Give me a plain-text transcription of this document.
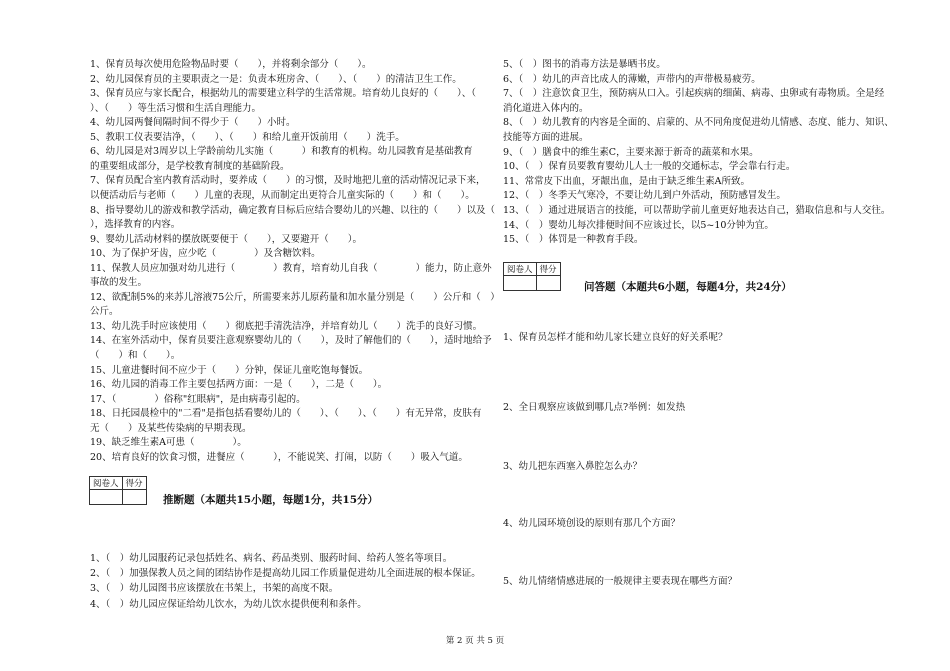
1、保育员每次使用危险物品时要（　　），并将剩余部分（　　）。
2、幼儿园保育员的主要职责之一是：负责本班房舍、（　　）、（　　）的清洁卫生工作。
3、保育员应与家长配合，根据幼儿的需要建立科学的生活常规。培育幼儿良好的（　　）、（
）、（　　）等生活习惯和生活自理能力。
4、幼儿园两餐间隔时间不得少于（　　）小时。
5、教职工仪表要洁净，（　　）、（　　）和给儿童开饭前用（　　）洗手。
6、幼儿园是对3周岁以上学龄前幼儿实施（　　　）和教育的机构。幼儿园教育是基础教育
的重要组成部分，是学校教育制度的基础阶段。
7、保育员配合室内教育活动时，要养成（　　）的习惯，及时地把儿童的活动情况记录下来，
以便活动后与老师（　　）儿童的表现，从而制定出更符合儿童实际的（　　）和（　　）。
8、指导婴幼儿的游戏和教学活动，确定教育目标后应结合婴幼儿的兴趣、以往的（　　）以及（
），选择教育的内容。
9、婴幼儿活动材料的摆放既要便于（　　），又要避开（　　）。
10、为了保护牙齿，应少吃（　　　　）及含糖饮料。
11、保教人员应加强对幼儿进行（　　　　）教育，培育幼儿自我（　　　　）能力，防止意外
事故的发生。
12、欲配制5%的来苏儿溶液75公斤，所需要来苏儿原药量和加水量分别是（　　）公斤和（　）
公斤。
13、幼儿洗手时应该使用（　　）彻底把手清洗洁净，并培育幼儿（　　）洗手的良好习惯。
14、在室外活动中，保育员要注意观察婴幼儿的（　　），及时了解他们的（　　），适时地给予
（　　）和（　　）。
15、儿童进餐时间不应少于（　　）分钟，保证儿童吃饱每餐饭。
16、幼儿园的消毒工作主要包括两方面：一是（　　），二是（　　）。
17、（　　　　）俗称"红眼病"，是由病毒引起的。
18、日托园晨检中的"二看"是指包括看婴幼儿的（　　）、（　　）、（　　）有无异常，皮肤有
无（　　）及某些传染病的早期表现。
19、缺乏维生素A可患（　　　　）。
20、培育良好的饮食习惯，进餐应（　　　），不能说笑、打闹，以防（　　）吸入气道。
1、（　）幼儿园服药记录包括姓名、病名、药品类别、服药时间、给药人签名等项目。
2、（　）加强保教人员之间的团结协作是提高幼儿园工作质量促进幼儿全面进展的根本保证。
3、（　）幼儿园图书应该摆放在书架上，书架的高度不限。
4、（　）幼儿园应保证给幼儿饮水，为幼儿饮水提供便利和条件。
5、（　）图书的消毒方法是暴晒书皮。
6、（　）幼儿的声音比成人的薄嫩，声带内的声带极易疲劳。
7、（　）注意饮食卫生，预防病从口入。引起疾病的细菌、病毒、虫卵或有毒物质。全是经
消化道进入体内的。
8、（　）幼儿教育的内容是全面的、启蒙的、从不同角度促进幼儿情感、态度、能力、知识、
技能等方面的进展。
9、（　）膳食中的维生素C，主要来源于新奇的蔬菜和水果。
10、（　）保育员要教育婴幼儿人士一般的交通标志，学会靠右行走。
11、常常皮下出血，牙龈出血，是由于缺乏维生素A所致。
12、（　）冬季天气寒冷，不要让幼儿到户外活动，预防感冒发生。
13、（　）通过进展语言的技能，可以帮助学前儿童更好地表达自己，猎取信息和与人交往。
14、（　）婴幼儿每次排便时间不应该过长，以5~10分钟为宜。
15、（　）体罚是一种教育手段。
1、保育员怎样才能和幼儿家长建立良好的好关系呢？
2、全日观察应该做到哪几点?举例：如发热
3、幼儿把东西塞入鼻腔怎么办？
4、幼儿园环境创设的原则有那几个方面？
5、幼儿情绪情感进展的一般规律主要表现在哪些方面？
阅卷人	得分

推断题（本题共15小题，每题1分，共15分）
阅卷人	得分

问答题（本题共6小题，每题4分，共24分）
第 2 页 共 5 页
